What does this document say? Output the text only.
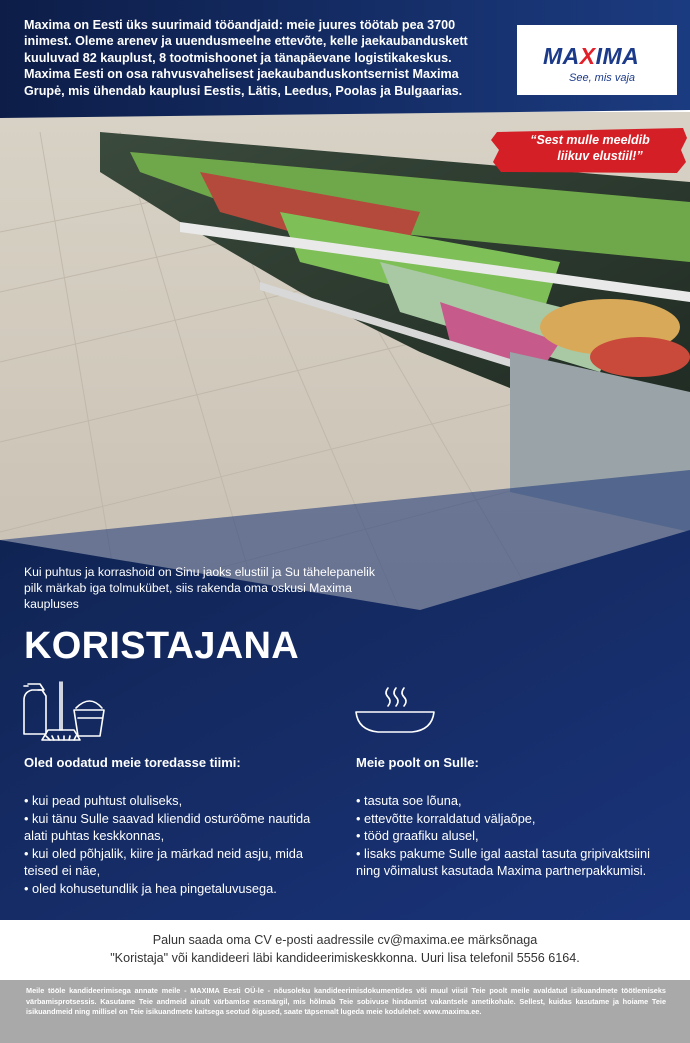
Maxima on Eesti üks suurimaid tööandjaid: meie juures töötab pea 3700 inimest. Oleme arenev ja uuendusmeelne ettevõte, kelle jaekaubanduskett kuuluvad 82 kauplust, 8 tootmishoonet ja tänapäevane logistikakeskus. Maxima Eesti on osa rahvusvahelisest jaekaubanduskontsernist Maxima Grupė, mis ühendab kauplusi Eestis, Lätis, Leedus, Poolas ja Bulgaarias.
MAXIMA
See, mis vaja
“Sest mulle meeldib
liikuv elustiil!”
Kui puhtus ja korrashoid on Sinu jaoks elustiil ja Su tähelepanelik pilk märkab iga tolmukübet, siis rakenda oma oskusi Maxima kaupluses
KORISTAJANA
Oled oodatud meie toredasse tiimi:
• kui pead puhtust oluliseks,
• kui tänu Sulle saavad kliendid osturöõme nautida alati puhtas keskkonnas,
• kui oled põhjalik, kiire ja märkad neid asju, mida teised ei näe,
• oled kohusetundlik ja hea pingetaluvusega.
Meie poolt on Sulle:
• tasuta soe lõuna,
• ettevõtte korraldatud väljaõpe,
• tööd graafiku alusel,
• lisaks pakume Sulle igal aastal tasuta gripivaktsiini ning võimalust kasutada Maxima partnerpakkumisi.
Palun saada oma CV e-posti aadressile cv@maxima.ee märksõnaga
"Koristaja" või kandideeri läbi kandideerimiskeskkonna. Uuri lisa telefonil 5556 6164.
Meile tööle kandideerimisega annate meile - MAXIMA Eesti OÜ-le - nõusoleku kandideerimisdokumentides või muul viisil Teie poolt meile avaldatud isikuandmete töötlemiseks värbamisprotsessis. Kasutame Teie andmeid ainult värbamise eesmärgil, mis hõlmab Teie sobivuse hindamist vakantsele ametikohale. Sellest, kuidas kasutame ja hoiame Teie isikuandmeid ning millisel on Teie isikuandmete kaitsega seotud õigused, saate täpsemalt lugeda meie kodulehel: www.maxima.ee.
